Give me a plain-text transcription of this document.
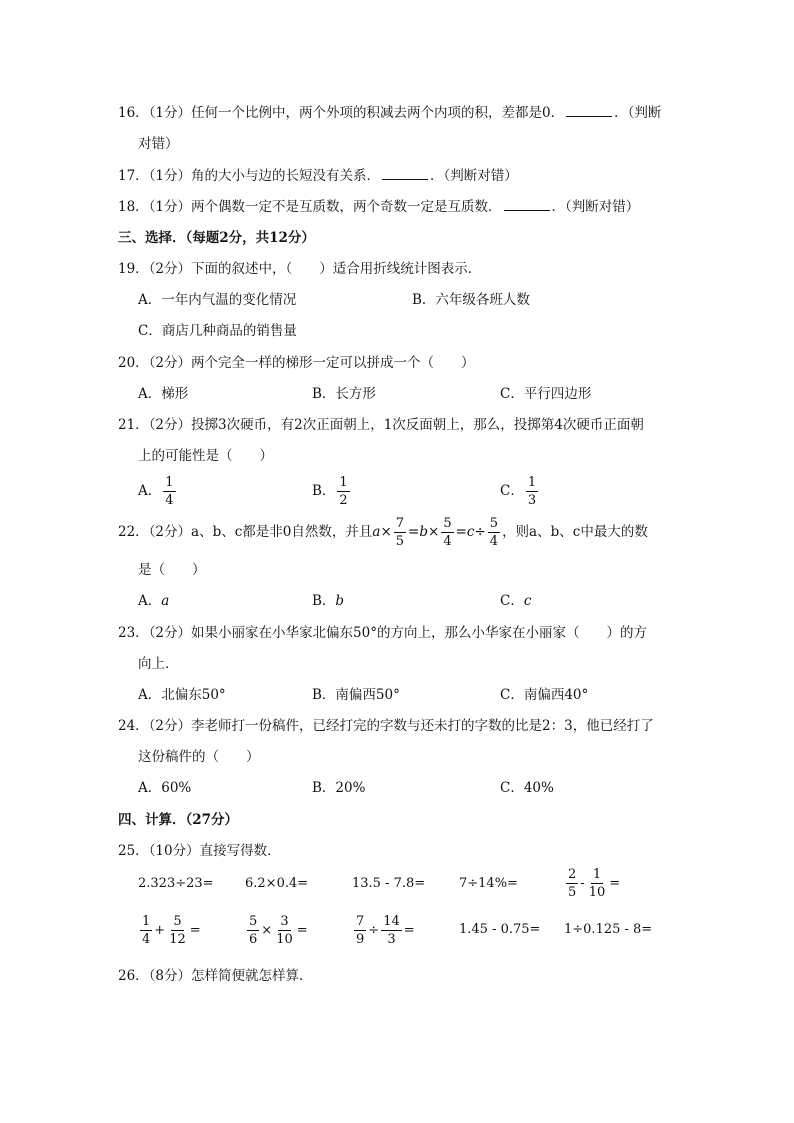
16．（1分）任何一个比例中，两个外项的积减去两个内项的积，差都是0．	．（判断
对错）
17．（1分）角的大小与边的长短没有关系．	．（判断对错）
18．（1分）两个偶数一定不是互质数，两个奇数一定是互质数．	．（判断对错）
三、选择．（每题2分，共12分）
19．（2分）下面的叙述中，（　　）适合用折线统计图表示．
A．一年内气温的变化情况	B．六年级各班人数
C．商店几种商品的销售量
20．（2分）两个完全一样的梯形一定可以拼成一个（　　）
A．梯形	B．长方形	C．平行四边形
21．（2分）投掷3次硬币，有2次正面朝上，1次反面朝上，那么，投掷第4次硬币正面朝
上的可能性是（　　）
A． $\frac{1}{4}$	B． $\frac{1}{2}$	C． $\frac{1}{3}$
22．（2分）a、b、c都是非0自然数，并且$a\times \frac{7}{5} =b\times \frac{5}{4} =c\div \frac{5}{4}$ ，则a、b、c中最大的数
是（　　）
A．a	B．b	C．c
23．（2分）如果小丽家在小华家北偏东50°的方向上，那么小华家在小丽家（　　）的方
向上．
A．北偏东50°	B．南偏西50°	C．南偏西40°
24．（2分）李老师打一份稿件，已经打完的字数与还未打的字数的比是2：3，他已经打了
这份稿件的（　　）
A．60%	B．20%	C．40%
四、计算．（27分）
25．（10分）直接写得数．
2.323÷23= 6.2×0.4=	13.5 - 7.8=	7÷14%=	$\frac{2}{5} - \frac{1}{10}$ =
$\frac{1}{4} + \frac{5}{12}$ =	$\frac{5}{6} \times \frac{3}{10}$ =	$\frac{7}{9} \div \frac{14}{3}$ =	1.45 - 0.75= 1÷0.125 - 8=
26．（8分）怎样简便就怎样算．
